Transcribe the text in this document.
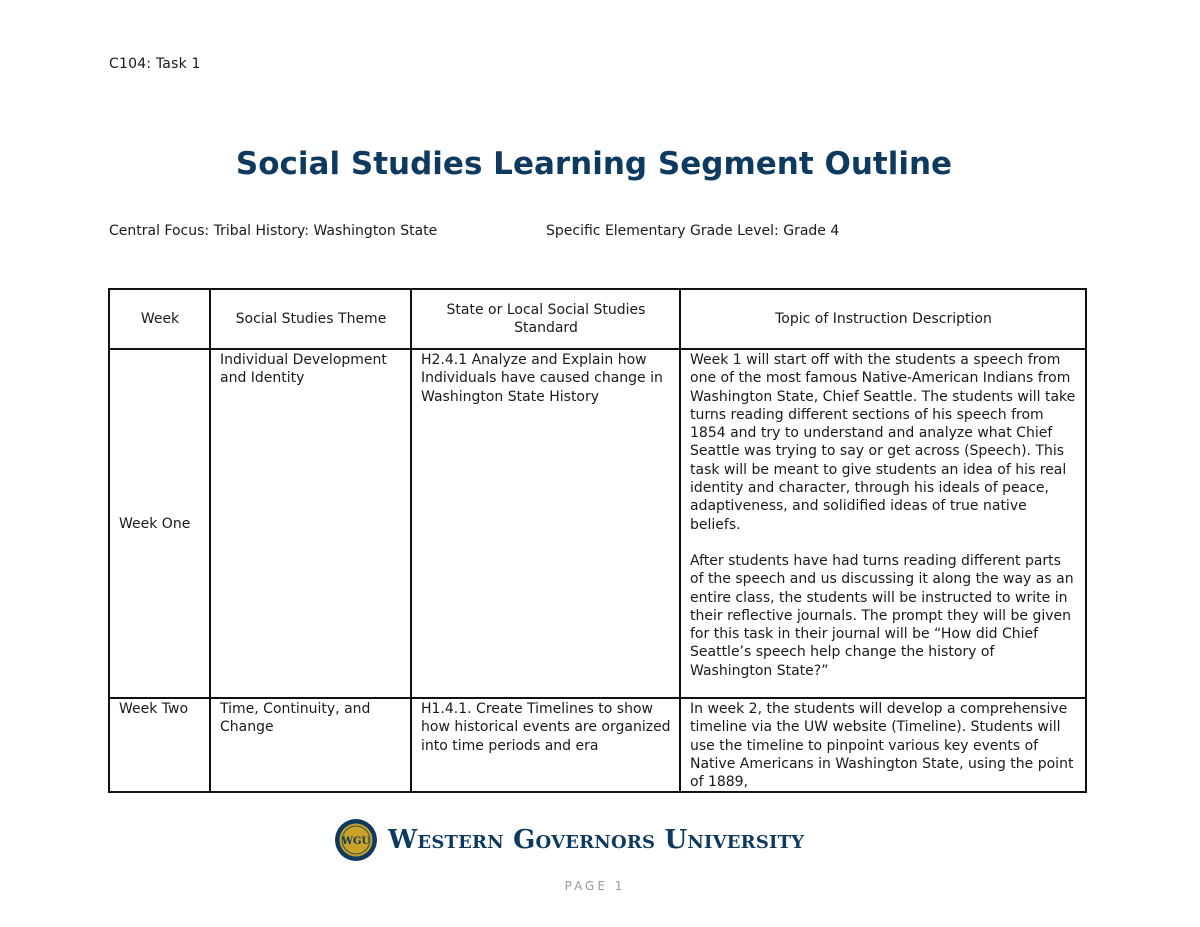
C104: Task 1
Social Studies Learning Segment Outline
Central Focus: Tribal History: Washington State	Specific Elementary Grade Level: Grade 4
Week	Social Studies Theme	State or Local Social Studies Standard	Topic of Instruction Description
Week One	Individual Development and Identity	H2.4.1 Analyze and Explain how Individuals have caused change in Washington State History	Week 1 will start off with the students a speech from one of the most famous Native-American Indians from Washington State, Chief Seattle. The students will take turns reading different sections of his speech from 1854 and try to understand and analyze what Chief Seattle was trying to say or get across (Speech). This task will be meant to give students an idea of his real identity and character, through his ideals of peace, adaptiveness, and solidified ideas of true native beliefs.
After students have had turns reading different parts of the speech and us discussing it along the way as an entire class, the students will be instructed to write in their reflective journals. The prompt they will be given for this task in their journal will be “How did Chief Seattle’s speech help change the history of Washington State?”

Week Two	Time, Continuity, and Change	H1.4.1. Create Timelines to show how historical events are organized into time periods and era	In week 2, the students will develop a comprehensive timeline via the UW website (Timeline). Students will use the timeline to pinpoint various key events of Native Americans in Washington State, using the point of 1889,
WGU Western Governors University
PAGE 1
